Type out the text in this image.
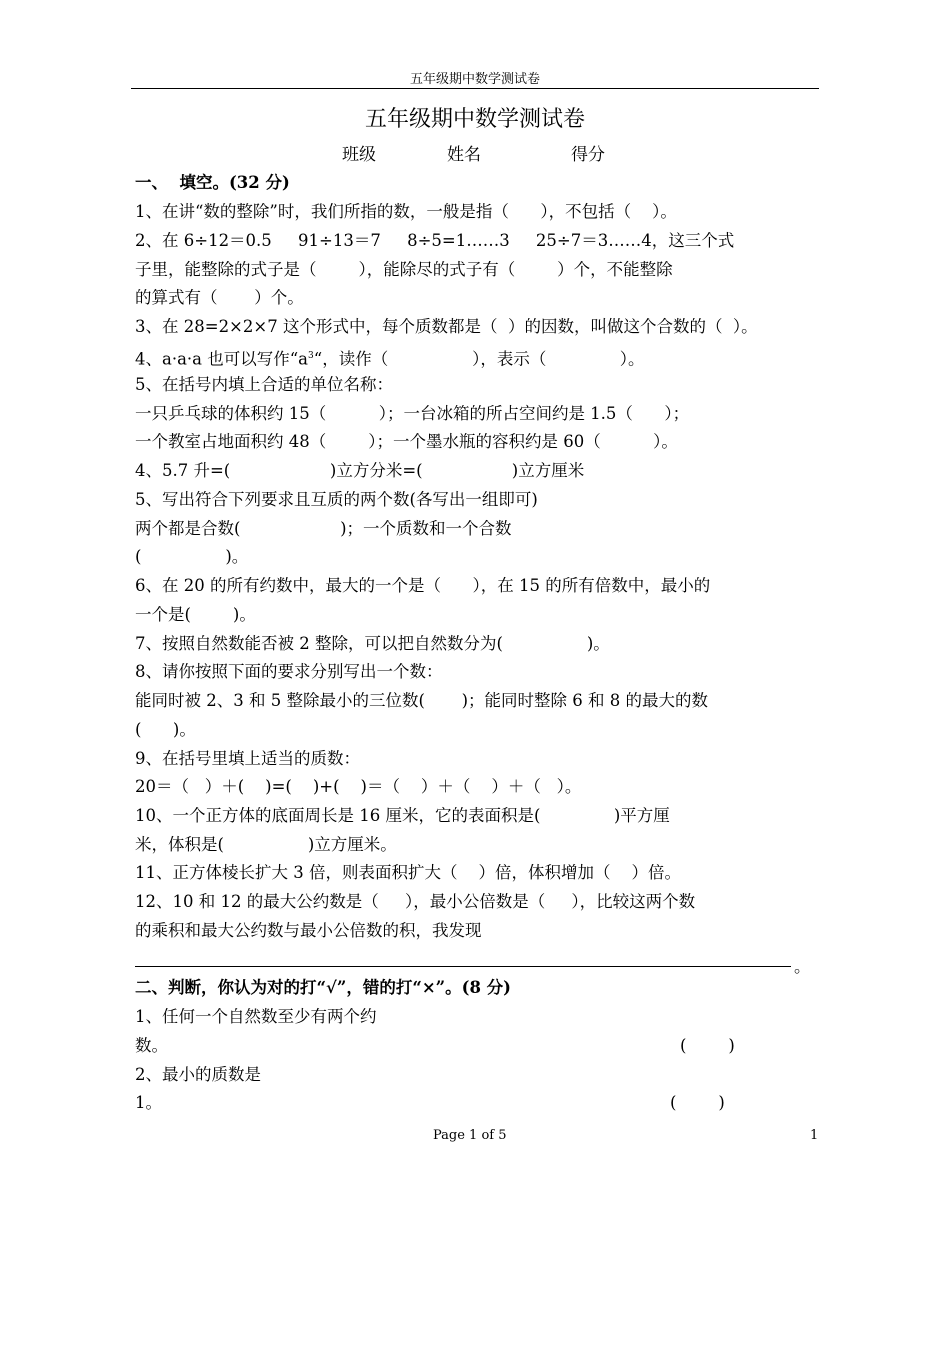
五年级期中数学测试卷
五年级期中数学测试卷
班级	姓名	得分
一、  填空。(32 分)
1、在讲“数的整除”时，我们所指的数，一般是指（      ），不包括（    ）。
2、在 6÷12＝0.5     91÷13＝7     8÷5=1……3     25÷7＝3……4，这三个式
子里，能整除的式子是（        ），能除尽的式子有（        ）个，不能整除
的算式有（       ）个。
3、在 28=2×2×7 这个形式中，每个质数都是（  ）的因数，叫做这个合数的（  ）。
4、a·a·a 也可以写作“$a^3“$，读作（                ），表示（              ）。
5、在括号内填上合适的单位名称：
一只乒乓球的体积约 15（          ）；一台冰箱的所占空间约是 1.5（      ）；
一个教室占地面积约 48（        ）；一个墨水瓶的容积约是 60（          ）。
4、5.7 升=(                   )立方分米=(                 )立方厘米
5、写出符合下列要求且互质的两个数(各写出一组即可)
两个都是合数(                   )；一个质数和一个合数
(                )。
6、在 20 的所有约数中，最大的一个是（      ），在 15 的所有倍数中，最小的
一个是(        )。
7、按照自然数能否被 2 整除，可以把自然数分为(                )。
8、请你按照下面的要求分别写出一个数：
能同时被 2、3 和 5 整除最小的三位数(       )；能同时整除 6 和 8 的最大的数
(      )。
9、在括号里填上适当的质数：
20＝（   ）＋(    )=(    )+(    )＝（    ）＋（    ）＋（   ）。
10、一个正方体的底面周长是 16 厘米，它的表面积是(              )平方厘
米，体积是(                )立方厘米。
11、正方体棱长扩大 3 倍，则表面积扩大（    ）倍，体积增加（    ）倍。
12、10 和 12 的最大公约数是（     ），最小公倍数是（     ），比较这两个数
的乘积和最大公约数与最小公倍数的积，我发现
。
二、判断，你认为对的打“√”，错的打“×”。(8 分)
1、任何一个自然数至少有两个约
数。	(        )
2、最小的质数是
1。	(        )
Page 1 of 5	1
